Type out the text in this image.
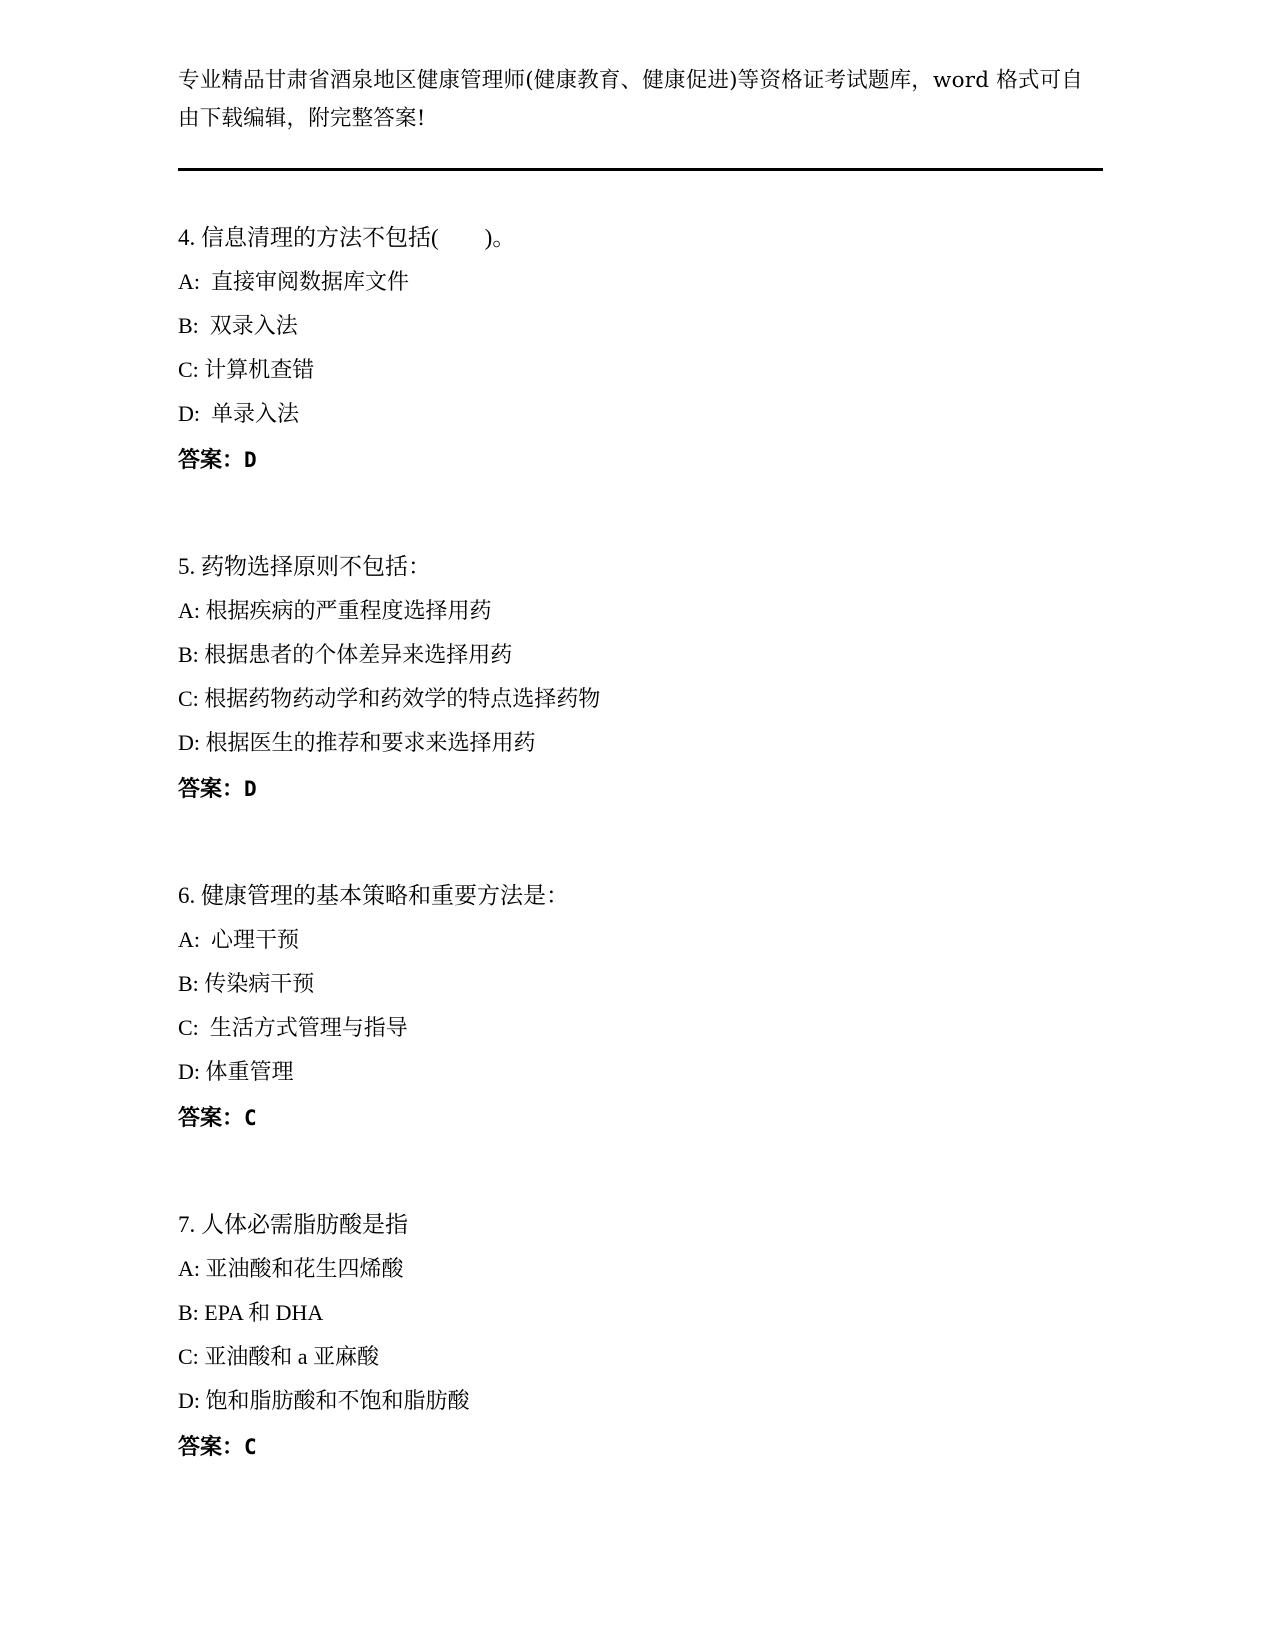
专业精品甘肃省酒泉地区健康管理师(健康教育、健康促进)等资格证考试题库，word 格式可自由下载编辑，附完整答案!
4. 信息清理的方法不包括(　　)。
A:  直接审阅数据库文件
B:  双录入法
C: 计算机查错
D:  单录入法
答案：D
5. 药物选择原则不包括：
A: 根据疾病的严重程度选择用药
B: 根据患者的个体差异来选择用药
C: 根据药物药动学和药效学的特点选择药物
D: 根据医生的推荐和要求来选择用药
答案：D
6. 健康管理的基本策略和重要方法是：
A:  心理干预
B: 传染病干预
C:  生活方式管理与指导
D: 体重管理
答案：C
7. 人体必需脂肪酸是指
A: 亚油酸和花生四烯酸
B: EPA 和 DHA
C: 亚油酸和 a 亚麻酸
D: 饱和脂肪酸和不饱和脂肪酸
答案：C
